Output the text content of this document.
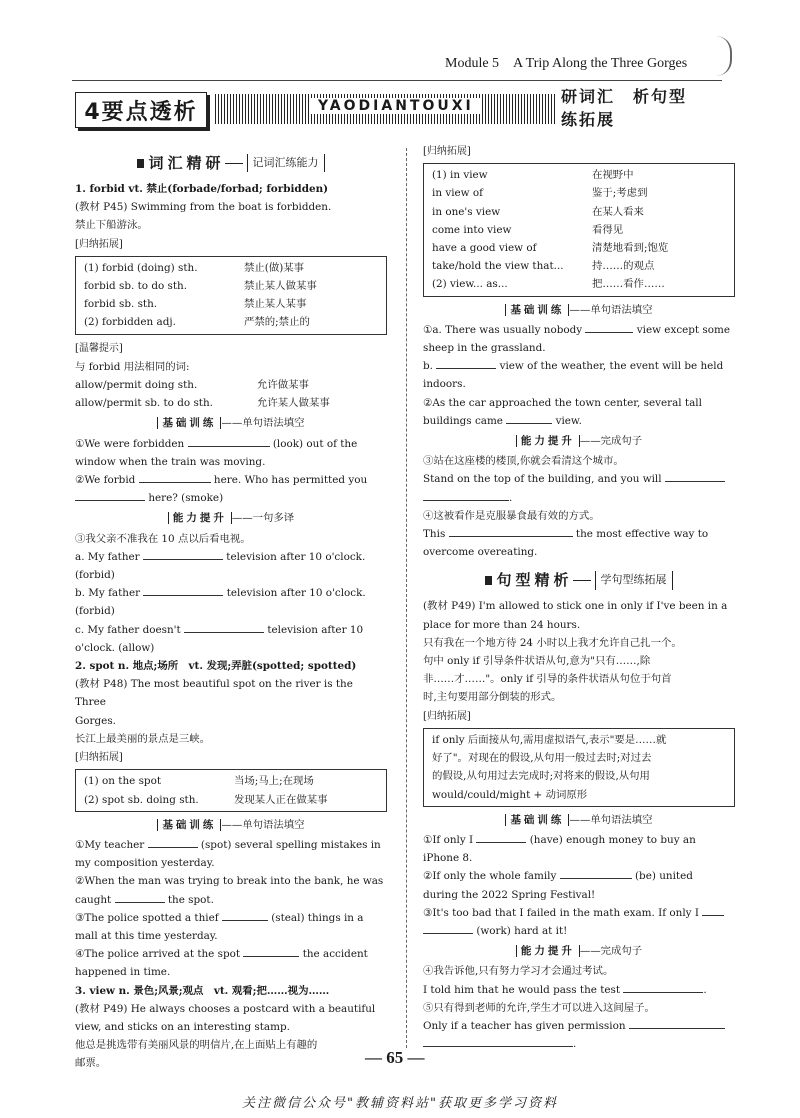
Module 5　A Trip Along the Three Gorges
4要点透析	YAODIANTOUXI	研词汇　析句型　练拓展
词汇精研	记词汇练能力

1. forbid vt. 禁止(forbade/forbad; forbidden)

(教材 P45) Swimming from the boat is forbidden.

禁止下船游泳。

[ 归纳拓展 ]

(1) forbid (doing) sth.	禁止(做)某事
forbid sb. to do sth.	禁止某人做某事
forbid sb. sth.	禁止某人某事
(2) forbidden adj.	严禁的;禁止的

[ 温馨提示 ]

与 forbid 用法相同的词:

allow/permit doing sth.	允许做某事
allow/permit sb. to do sth.	允许某人做某事
基础训练 ——单句语法填空

①We were forbidden	(look) out of the

window when the train was moving.

②We forbid	here. Who has permitted you

here? (smoke)

能力提升 ——一句多译

③我父亲不准我在 10 点以后看电视。

a. My father	television after 10 o'clock.

(forbid)

b. My father	television after 10 o'clock.

(forbid)

c. My father doesn't	television after 10

o'clock. (allow)

2. spot n. 地点;场所　vt. 发现;弄脏(spotted; spotted)

(教材 P48) The most beautiful spot on the river is the Three

Gorges.

长江上最美丽的景点是三峡。

[ 归纳拓展 ]

(1) on the spot	当场;马上;在现场
(2) spot sb. doing sth.	发现某人正在做某事
基础训练 ——单句语法填空

①My teacher	(spot) several spelling mistakes in

my composition yesterday.

②When the man was trying to break into the bank, he was

caught	the spot.

③The police spotted a thief	(steal) things in a

mall at this time yesterday.

④The police arrived at the spot	the accident

happened in time.

3. view n. 景色;风景;观点　vt. 观看;把……视为……

(教材 P49) He always chooses a postcard with a beautiful

view, and sticks on an interesting stamp.

他总是挑选带有美丽风景的明信片,在上面贴上有趣的

邮票。

[ 归纳拓展 ]

(1) in view	在视野中
in view of	鉴于;考虑到
in one's view	在某人看来
come into view	看得见
have a good view of	清楚地看到;饱览
take/hold the view that...	持……的观点
(2) view... as...	把……看作……
基础训练 ——单句语法填空

①a. There was usually nobody	view except some

sheep in the grassland.

b.	view of the weather, the event will be held

indoors.

②As the car approached the town center, several tall

buildings came	view.

能力提升 ——完成句子

③站在这座楼的楼顶,你就会看清这个城市。

Stand on the top of the building, and you will

.

④这被看作是克服暴食最有效的方式。

This	the most effective way to

overcome overeating.

句型精析	学句型练拓展

(教材 P49) I'm allowed to stick one in only if I've been in a

place for more than 24 hours.

只有我在一个地方待 24 小时以上我才允许自己扎一个。

句中 only if 引导条件状语从句,意为"只有……,除

非……才……"。only if 引导的条件状语从句位于句首

时,主句要用部分倒装的形式。

[ 归纳拓展 ]

if only 后面接从句,需用虚拟语气,表示"要是……就

好了"。对现在的假设,从句用一般过去时;对过去

的假设,从句用过去完成时;对将来的假设,从句用

would/could/might + 动词原形

基础训练 ——单句语法填空

①If only I	(have) enough money to buy an

iPhone 8.

②If only the whole family	(be) united

during the 2022 Spring Festival!

③It's too bad that I failed in the math exam. If only I

(work) hard at it!

能力提升 ——完成句子

④我告诉他,只有努力学习才会通过考试。

I told him that he would pass the test	.

⑤只有得到老师的允许,学生才可以进入这间屋子。

Only if a teacher has given permission

.

— 65 —
关注微信公众号"教辅资料站"获取更多学习资料
